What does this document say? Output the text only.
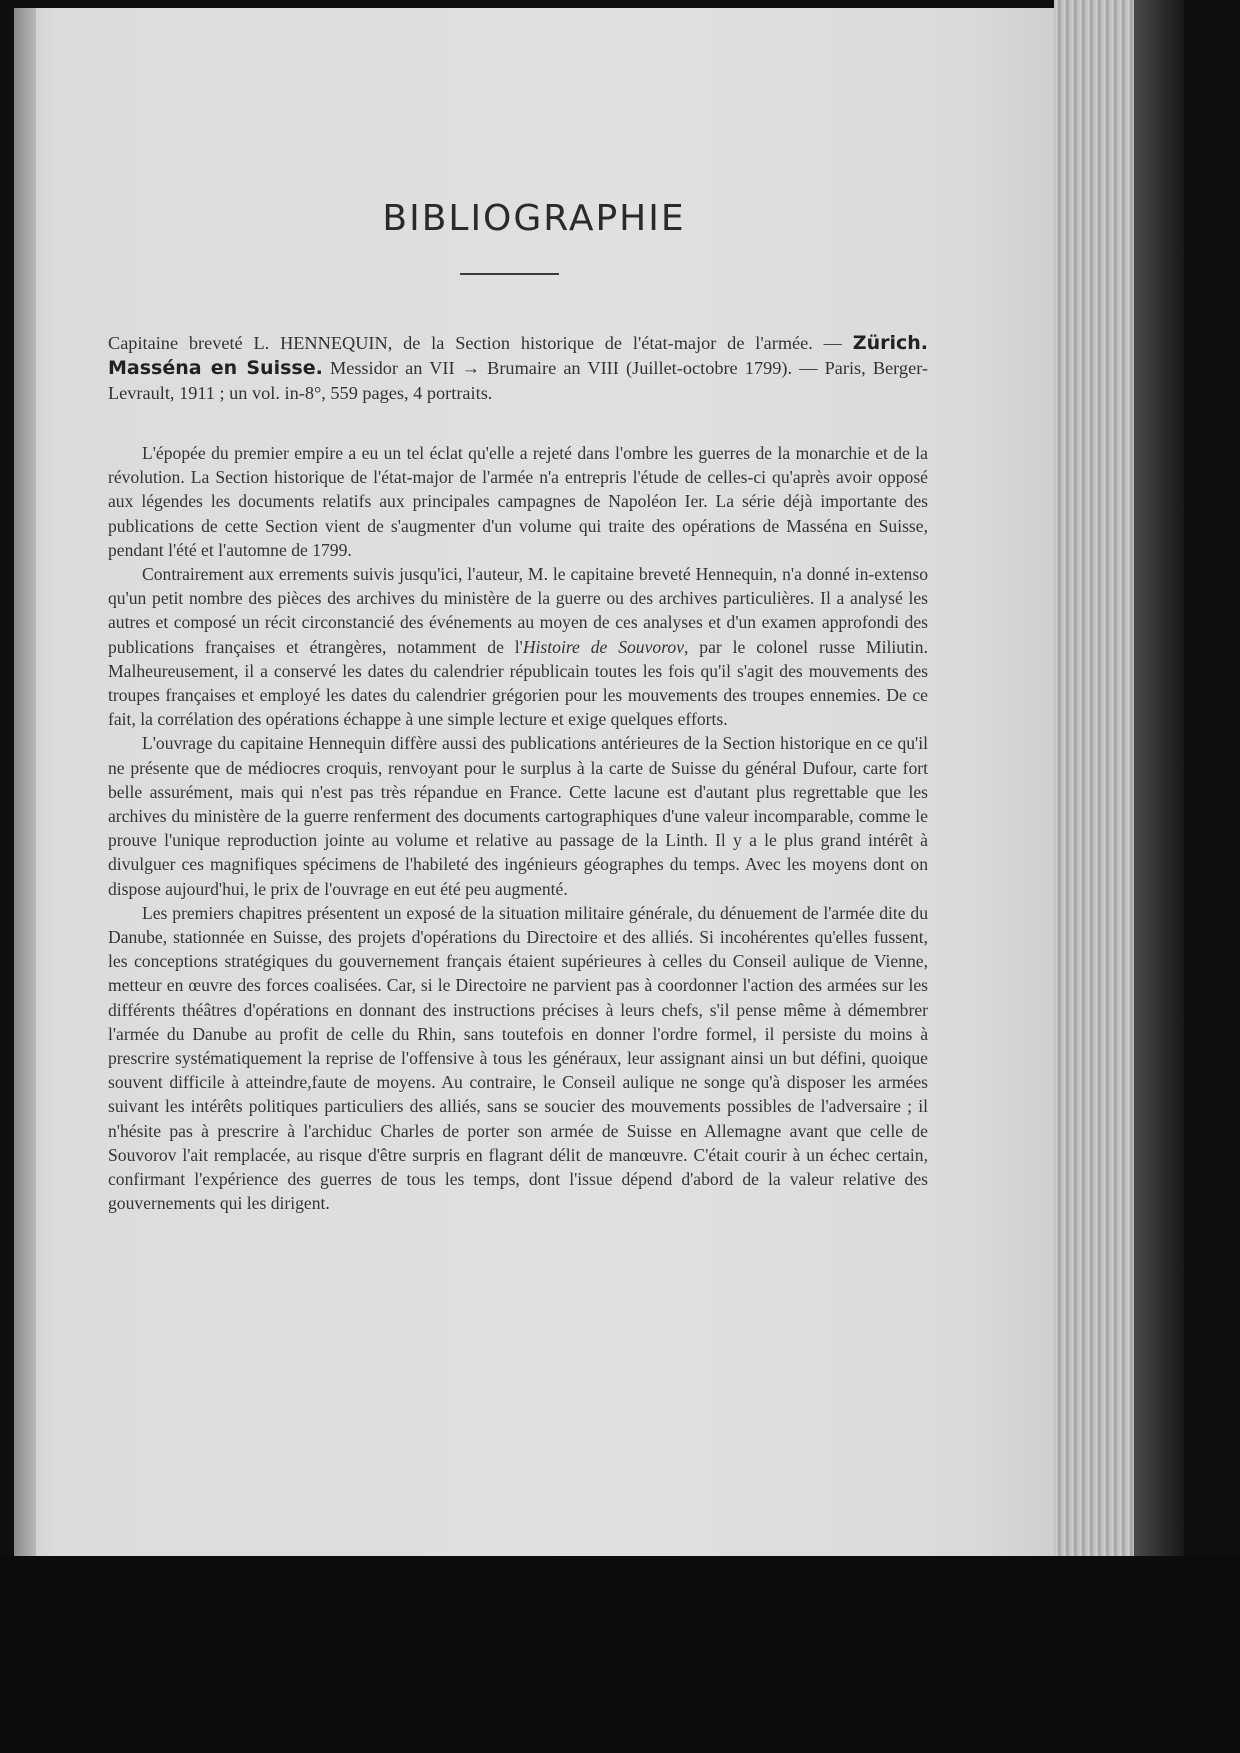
BIBLIOGRAPHIE

Capitaine breveté L. HENNEQUIN, de la Section historique de l'état-major de l'armée. — Zürich. Masséna en Suisse. Messidor an VII → Brumaire an VIII (Juillet-octobre 1799). — Paris, Berger-Levrault, 1911 ; un vol. in-8°, 559 pages, 4 portraits.

L'épopée du premier empire a eu un tel éclat qu'elle a rejeté dans l'ombre les guerres de la monarchie et de la révolution. La Section historique de l'état-major de l'armée n'a entrepris l'étude de celles-ci qu'après avoir opposé aux légendes les documents relatifs aux principales campagnes de Napoléon Ier. La série déjà importante des publications de cette Section vient de s'augmenter d'un volume qui traite des opérations de Masséna en Suisse, pendant l'été et l'automne de 1799.

Contrairement aux errements suivis jusqu'ici, l'auteur, M. le capitaine breveté Hennequin, n'a donné in-extenso qu'un petit nombre des pièces des archives du ministère de la guerre ou des archives particulières. Il a analysé les autres et composé un récit circonstancié des événements au moyen de ces analyses et d'un examen approfondi des publications françaises et étrangères, notamment de l'Histoire de Souvorov, par le colonel russe Miliutin. Malheureusement, il a conservé les dates du calendrier républicain toutes les fois qu'il s'agit des mouvements des troupes françaises et employé les dates du calendrier grégorien pour les mouvements des troupes ennemies. De ce fait, la corrélation des opérations échappe à une simple lecture et exige quelques efforts.

L'ouvrage du capitaine Hennequin diffère aussi des publications antérieures de la Section historique en ce qu'il ne présente que de médiocres croquis, renvoyant pour le surplus à la carte de Suisse du général Dufour, carte fort belle assurément, mais qui n'est pas très répandue en France. Cette lacune est d'autant plus regrettable que les archives du ministère de la guerre renferment des documents cartographiques d'une valeur incomparable, comme le prouve l'unique reproduction jointe au volume et relative au passage de la Linth. Il y a le plus grand intérêt à divulguer ces magnifiques spécimens de l'habileté des ingénieurs géographes du temps. Avec les moyens dont on dispose aujourd'hui, le prix de l'ouvrage en eut été peu augmenté.

Les premiers chapitres présentent un exposé de la situation militaire générale, du dénuement de l'armée dite du Danube, stationnée en Suisse, des projets d'opérations du Directoire et des alliés. Si incohérentes qu'elles fussent, les conceptions stratégiques du gouvernement français étaient supérieures à celles du Conseil aulique de Vienne, metteur en œuvre des forces coalisées. Car, si le Directoire ne parvient pas à coordonner l'action des armées sur les différents théâtres d'opérations en donnant des instructions précises à leurs chefs, s'il pense même à démembrer l'armée du Danube au profit de celle du Rhin, sans toutefois en donner l'ordre formel, il persiste du moins à prescrire systématiquement la reprise de l'offensive à tous les généraux, leur assignant ainsi un but défini, quoique souvent difficile à atteindre,faute de moyens. Au contraire, le Conseil aulique ne songe qu'à disposer les armées suivant les intérêts politiques particuliers des alliés, sans se soucier des mouvements possibles de l'adversaire ; il n'hésite pas à prescrire à l'archiduc Charles de porter son armée de Suisse en Allemagne avant que celle de Souvorov l'ait remplacée, au risque d'être surpris en flagrant délit de manœuvre. C'était courir à un échec certain, confirmant l'expérience des guerres de tous les temps, dont l'issue dépend d'abord de la valeur relative des gouvernements qui les dirigent.
